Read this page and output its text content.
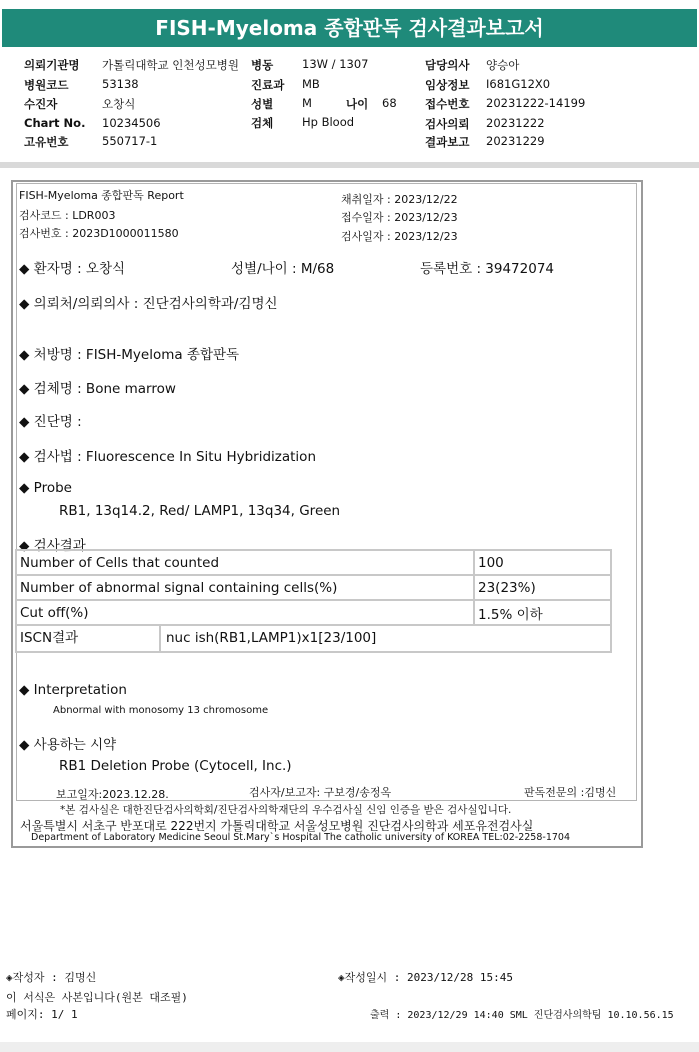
FISH-Myeloma 종합판독 검사결과보고서
의뢰기관명 가톨릭대학교 인천성모병원
병원코드	53138
수진자	오창식
Chart No. 10234506
고유번호	550717-1
병동	13W / 1307
진료과 MB
성별	M	나이 68
검체	Hp Blood
담당의사 양승아
임상정보 I681G12X0
접수번호 20231222-14199
검사의뢰 20231222
결과보고 20231229
FISH-Myeloma 종합판독 Report
검사코드 : LDR003
검사번호 : 2023D1000011580
채취일자 : 2023/12/22
접수일자 : 2023/12/23
검사일자 : 2023/12/23
◆ 환자명 : 오창식	성별/나이 : M/68	등록번호 : 39472074
◆ 의뢰처/의뢰의사 : 진단검사의학과/김명신
◆ 처방명 : FISH-Myeloma 종합판독
◆ 검체명 : Bone marrow
◆ 진단명 :
◆ 검사법 : Fluorescence In Situ Hybridization
◆ Probe
RB1, 13q14.2, Red/ LAMP1, 13q34, Green
◆ 검사결과
Number of Cells that counted	100
Number of abnormal signal containing cells(%)	23(23%)
Cut off(%)	1.5% 이하

ISCN결과 nuc ish(RB1,LAMP1)x1[23/100]	
◆ Interpretation
Abnormal with monosomy 13 chromosome
◆ 사용하는 시약
RB1 Deletion Probe (Cytocell, Inc.)
보고일자:2023.12.28.	검사자/보고자: 구보경/송정옥	판독전문의 :김명신
*본 검사실은 대한진단검사의학회/진단검사의학재단의 우수검사실 신임 인증을 받은 검사실입니다.
서울특별시 서초구 반포대로 222번지 가톨릭대학교 서울성모병원 진단검사의학과 세포유전검사실
Department of Laboratory Medicine Seoul St.Mary`s Hospital The catholic university of KOREA TEL:02-2258-1704
◈작성자 : 김명신	◈작성일시 : 2023/12/28 15:45
이 서식은 사본입니다(원본 대조필)
페이지: 1/ 1	출력 : 2023/12/29 14:40 SML 진단검사의학팀 10.10.56.15
